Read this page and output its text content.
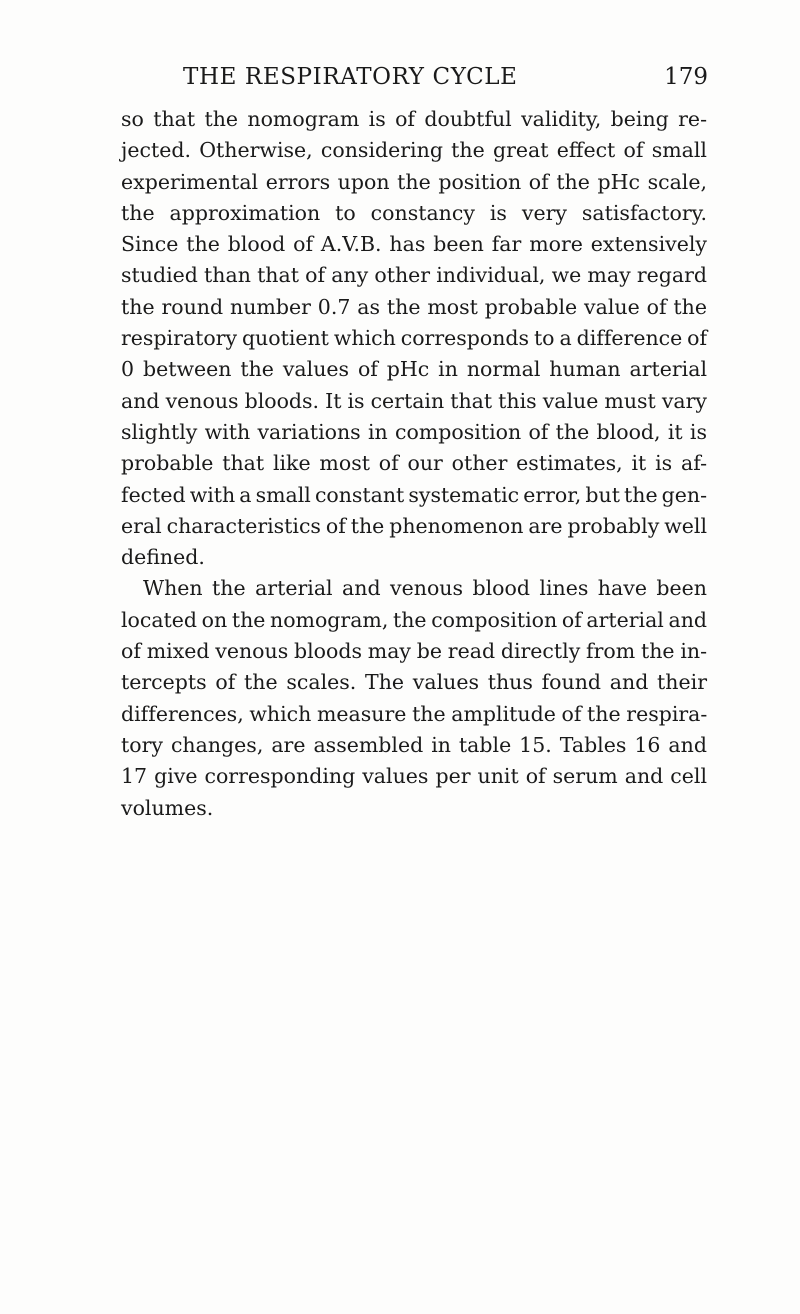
THE RESPIRATORY CYCLE	179
so that the nomogram is of doubtful validity, being re-
jected. Otherwise, considering the great effect of small
experimental errors upon the position of the pHc scale,
the approximation to constancy is very satisfactory.
Since the blood of A.V.B. has been far more extensively
studied than that of any other individual, we may regard
the round number 0.7 as the most probable value of the
respiratory quotient which corresponds to a difference of
0 between the values of pHc in normal human arterial
and venous bloods. It is certain that this value must vary
slightly with variations in composition of the blood, it is
probable that like most of our other estimates, it is af-
fected with a small constant systematic error, but the gen-
eral characteristics of the phenomenon are probably well
defined.
When the arterial and venous blood lines have been
located on the nomogram, the composition of arterial and
of mixed venous bloods may be read directly from the in-
tercepts of the scales. The values thus found and their
differences, which measure the amplitude of the respira-
tory changes, are assembled in table 15. Tables 16 and
17 give corresponding values per unit of serum and cell
volumes.
